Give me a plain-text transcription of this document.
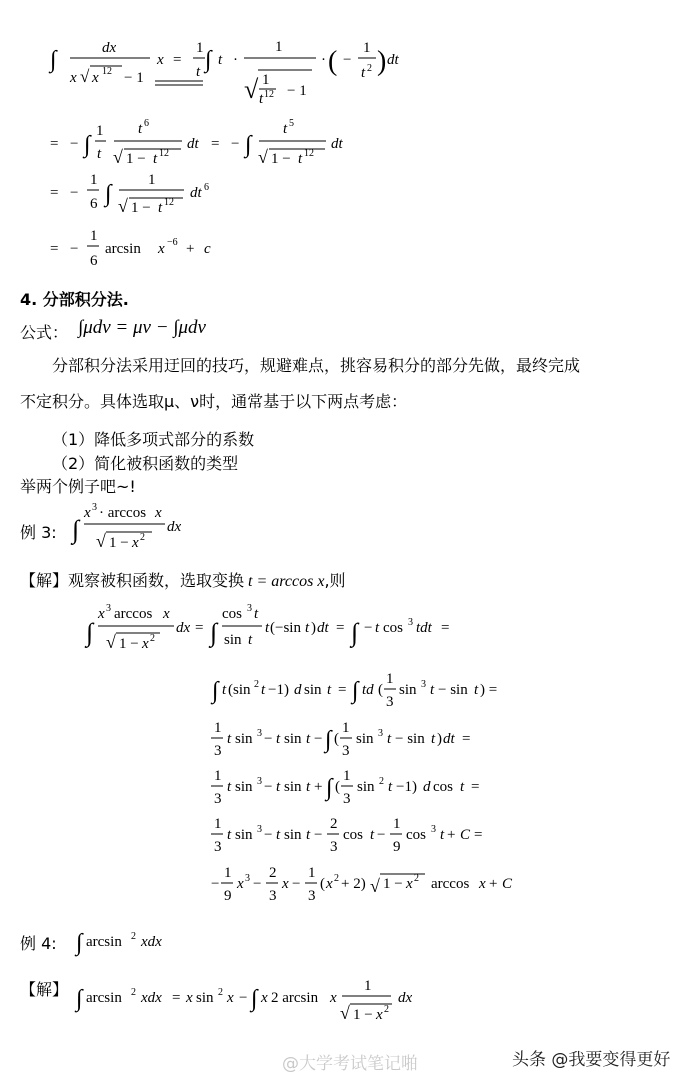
∫	dx
x √ x 12 − 1
x =
1
t ∫ t ·
1
√ 1
t 12 − 1
· ( −
1
t 2 ) dt
= − ∫
1
t
t 6
√ 1 − t 12
dt = − ∫
t 5
√ 1 − t 12
dt
= −
1
6 ∫
1
√ 1 − t 12
dt 6
= −
1
6
arcsin x −6 + c
4. 分部积分法.
公式： ∫μdν = μν − ∫μdν
分部积分法采用迂回的技巧，规避难点，挑容易积分的部分先做，最终完成
不定积分。具体选取μ、ν时，通常基于以下两点考虑：
（1）降低多项式部分的系数
（2）简化被积函数的类型
举两个例子吧~!
例 3: ∫
x 3 · arccos x
√ 1 − x 2
dx
【解】观察被积函数，选取变换 t = arccos x,则
∫
x 3 arccos x
√ 1 − x 2
dx = ∫
cos 3 t
sin t
t (−sin t ) dt = ∫ − t cos 3 tdt =
∫ t (sin 2 t −1) d sin t = ∫ td (
1
3
sin 3 t − sin t ) =
1
3
t sin 3 − t sin t − ∫ (
1
3
sin 3 t − sin t ) dt =
1
3
t sin 3 − t sin t + ∫ (
1
3
sin 2 t −1) d cos t =
1
3
t sin 3 − t sin t −
2
3
cos t −
1
9
cos 3 t + C =
−
1
9
x 3 −
2
3
x −
1
3
( x 2 + 2) √ 1 − x 2 arccos x + C
例 4: ∫ arcsin 2 xdx
【解】 ∫ arcsin 2 xdx = x sin 2 x − ∫ x 2 arcsin x
1
√ 1 − x 2
dx
@大学考试笔记啪	头条 @我要变得更好
